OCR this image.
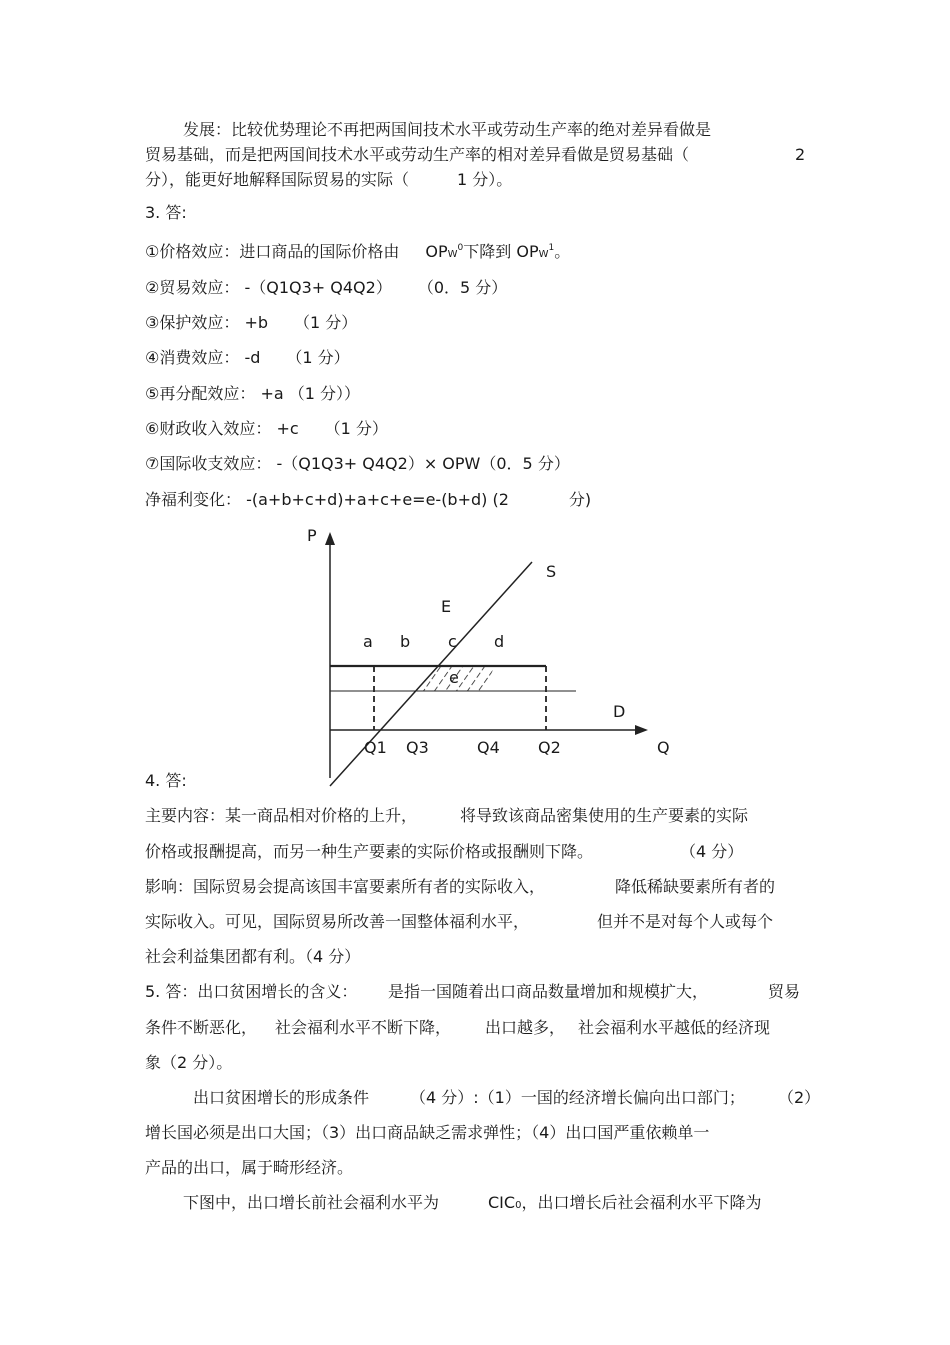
发展：比较优势理论不再把两国间技术水平或劳动生产率的绝对差异看做是
贸易基础，而是把两国间技术水平或劳动生产率的相对差异看做是贸易基础（	2
分），能更好地解释国际贸易的实际（	1 分）。
3. 答:
①价格效应：进口商品的国际价格由 OPW$^0$下降到 OPW$^1$。
②贸易效应： -（Q1Q3+ Q4Q2） （0．5 分）
③保护效应： +b （1 分）
④消费效应： -d （1 分）
⑤再分配效应： +a （1 分））
⑥财政收入效应： +c （1 分）
⑦国际收支效应： -（Q1Q3+ Q4Q2）× OPW（0．5 分）
净福利变化： -(a+b+c+d)+a+c+e=e-(b+d) (2	分)
P
S
E
a b c d
e
D
Q1 Q3	Q4 Q2	Q
4. 答:
主要内容：某一商品相对价格的上升，	将导致该商品密集使用的生产要素的实际
价格或报酬提高，而另一种生产要素的实际价格或报酬则下降。	（4 分）
影响：国际贸易会提高该国丰富要素所有者的实际收入，	降低稀缺要素所有者的
实际收入。可见，国际贸易所改善一国整体福利水平，	但并不是对每个人或每个
社会利益集团都有利。（4 分）
5. 答：出口贫困增长的含义： 是指一国随着出口商品数量增加和规模扩大，	贸易
条件不断恶化， 社会福利水平不断下降， 出口越多， 社会福利水平越低的经济现
象（2 分）。
出口贫困增长的形成条件	（4 分）:（1）一国的经济增长偏向出口部门； （2）
增长国必须是出口大国；（3）出口商品缺乏需求弹性；（4）出口国严重依赖单一
产品的出口，属于畸形经济。
下图中，出口增长前社会福利水平为	CIC0，出口增长后社会福利水平下降为
